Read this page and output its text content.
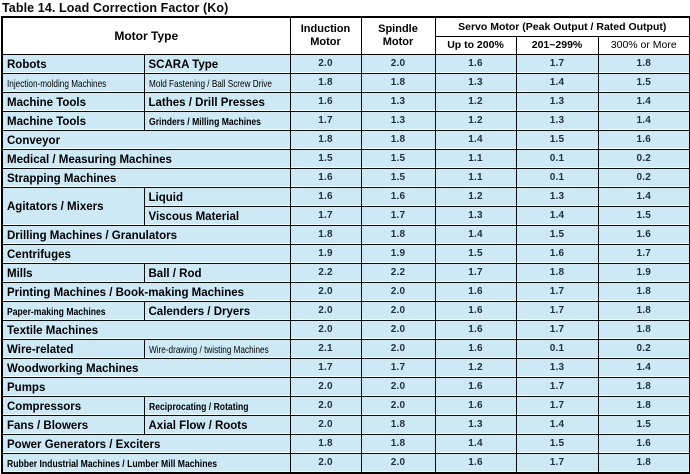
Table 14. Load Correction Factor (Ko)
Motor Type		Induction Motor	Spindle Motor	Servo Motor (Peak Output / Rated Output)		
				Up to 200%	201~299%	300% or More
Robots	SCARA Type	2.0	2.0	1.6	1.7	1.8
Injection-molding Machines	Mold Fastening / Ball Screw Drive	1.8	1.8	1.3	1.4	1.5
Machine Tools	Lathes / Drill Presses	1.6	1.3	1.2	1.3	1.4
Machine Tools	Grinders / Milling Machines	1.7	1.3	1.2	1.3	1.4
Conveyor		1.8	1.8	1.4	1.5	1.6
Medical / Measuring Machines		1.5	1.5	1.1	0.1	0.2
Strapping Machines		1.6	1.5	1.1	0.1	0.2
Agitators / Mixers	Liquid	1.6	1.6	1.2	1.3	1.4
	Viscous Material	1.7	1.7	1.3	1.4	1.5
Drilling Machines / Granulators		1.8	1.8	1.4	1.5	1.6
Centrifuges		1.9	1.9	1.5	1.6	1.7
Mills	Ball / Rod	2.2	2.2	1.7	1.8	1.9
Printing Machines / Book-making Machines		2.0	2.0	1.6	1.7	1.8
Paper-making Machines	Calenders / Dryers	2.0	2.0	1.6	1.7	1.8
Textile Machines		2.0	2.0	1.6	1.7	1.8
Wire-related	Wire-drawing / twisting Machines	2.1	2.0	1.6	0.1	0.2
Woodworking Machines		1.7	1.7	1.2	1.3	1.4
Pumps		2.0	2.0	1.6	1.7	1.8
Compressors	Reciprocating / Rotating	2.0	2.0	1.6	1.7	1.8
Fans / Blowers	Axial Flow / Roots	2.0	1.8	1.3	1.4	1.5
Power Generators / Exciters		1.8	1.8	1.4	1.5	1.6
Rubber Industrial Machines / Lumber Mill Machines		2.0	2.0	1.6	1.7	1.8
